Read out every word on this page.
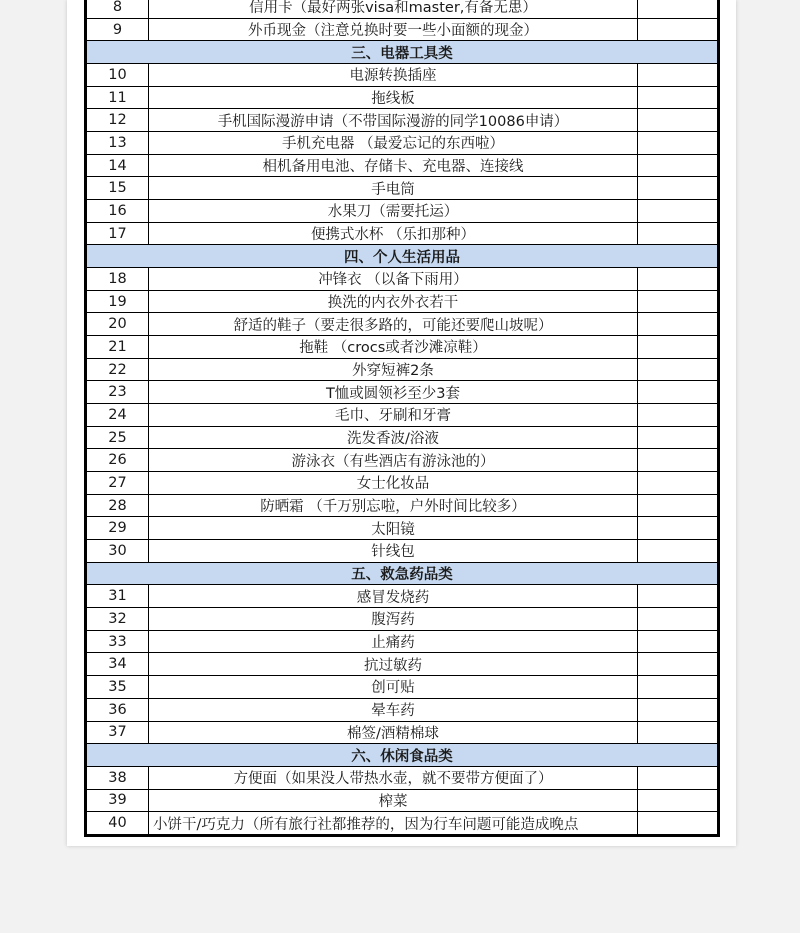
8	信用卡（最好两张visa和master,有备无患）	
9	外币现金（注意兑换时要一些小面额的现金）	
三、电器工具类		
10	电源转换插座	
11	拖线板	
12	手机国际漫游申请（不带国际漫游的同学10086申请）	
13	手机充电器 （最爱忘记的东西啦）	
14	相机备用电池、存储卡、充电器、连接线	
15	手电筒	
16	水果刀（需要托运）	
17	便携式水杯 （乐扣那种）	
四、个人生活用品		
18	冲锋衣 （以备下雨用）	
19	换洗的内衣外衣若干	
20	舒适的鞋子（要走很多路的，可能还要爬山坡呢）	
21	拖鞋 （crocs或者沙滩凉鞋）	
22	外穿短裤2条	
23	T恤或圆领衫至少3套	
24	毛巾、牙刷和牙膏	
25	洗发香波/浴液	
26	游泳衣（有些酒店有游泳池的）	
27	女士化妆品	
28	防晒霜 （千万别忘啦，户外时间比较多）	
29	太阳镜	
30	针线包	
五、救急药品类		
31	感冒发烧药	
32	腹泻药	
33	止痛药	
34	抗过敏药	
35	创可贴	
36	晕车药	
37	棉签/酒精棉球	
六、休闲食品类		
38	方便面（如果没人带热水壶，就不要带方便面了）	
39	榨菜	
40	小饼干/巧克力（所有旅行社都推荐的，因为行车问题可能造成晚点	
